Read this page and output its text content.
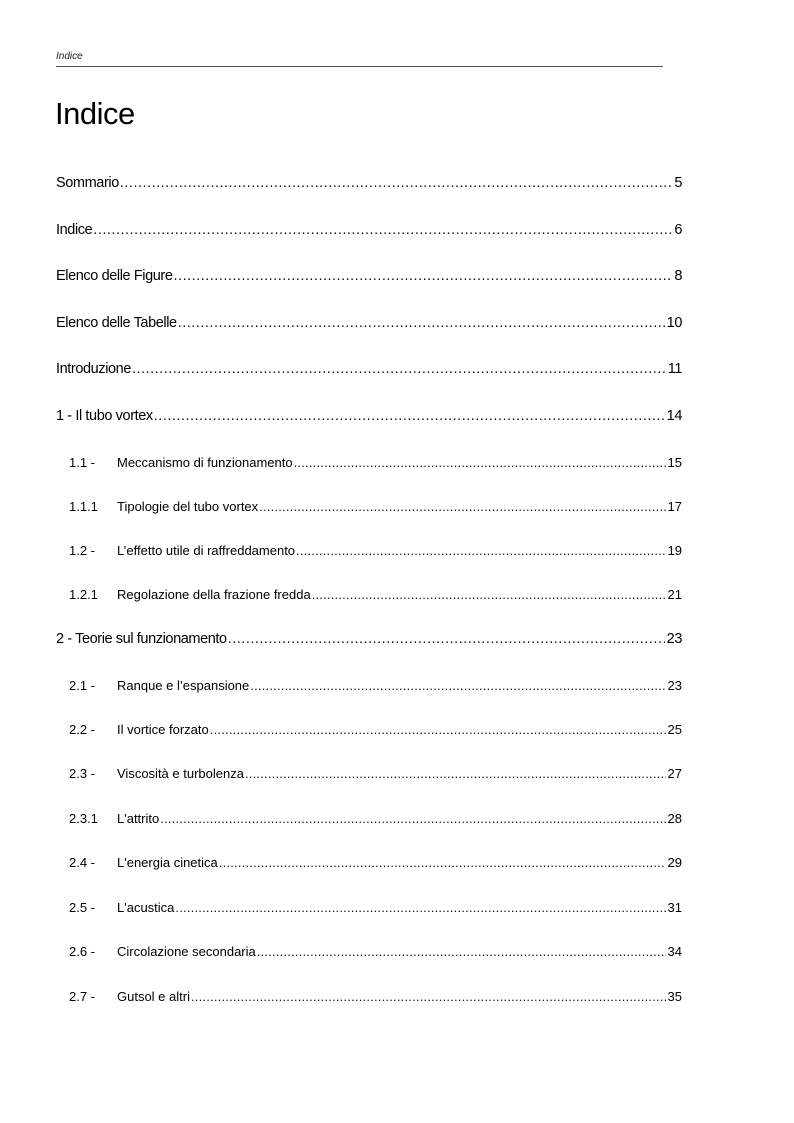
Indice
Indice
Sommario .....	5
Indice .....	6
Elenco delle Figure .....	8
Elenco delle Tabelle .....	10
Introduzione .....	11
1 - Il tubo vortex .....	14
1.1 -	Meccanismo di funzionamento .....	15
1.1.1	Tipologie del tubo vortex .....	17
1.2 -	L’effetto utile di raffreddamento .....	19
1.2.1	Regolazione della frazione fredda .....	21
2 - Teorie sul funzionamento .....	23
2.1 -	Ranque e l’espansione .....	23
2.2 -	Il vortice forzato .....	25
2.3 -	Viscosità e turbolenza .....	27
2.3.1	L'attrito .....	28
2.4 -	L'energia cinetica .....	29
2.5 -	L'acustica .....	31
2.6 -	Circolazione secondaria .....	34
2.7 -	Gutsol e altri .....	35
